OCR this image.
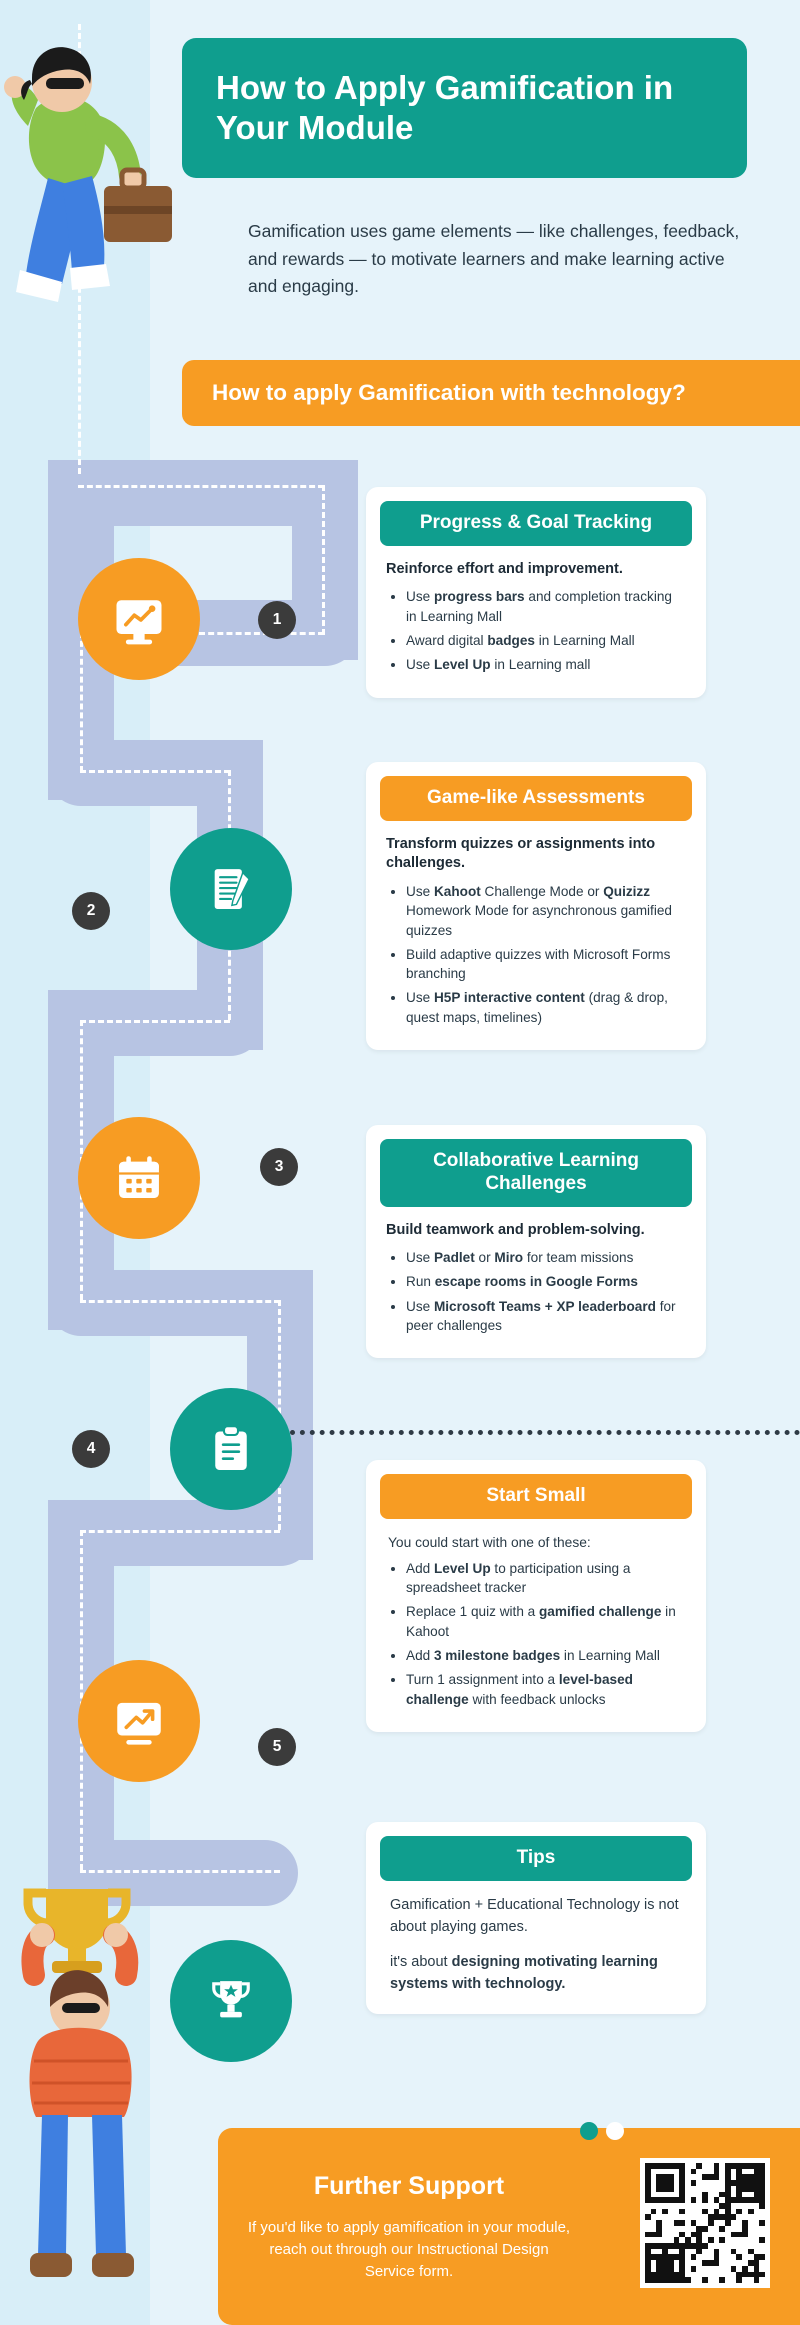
How to Apply Gamification in Your Module
Gamification uses game elements — like challenges, feedback, and rewards — to motivate learners and make learning active and engaging.
How to apply Gamification with technology?
1
Progress & Goal Tracking
Reinforce effort and improvement.
• Use progress bars and completion tracking in Learning Mall
• Award digital badges in Learning Mall
• Use Level Up in Learning mall
2
Game-like Assessments
Transform quizzes or assignments into challenges.
• Use Kahoot Challenge Mode or Quizizz Homework Mode for asynchronous gamified quizzes
• Build adaptive quizzes with Microsoft Forms branching
• Use H5P interactive content (drag & drop, quest maps, timelines)
3	Collaborative Learning Challenges
Build teamwork and problem-solving.
• Use Padlet or Miro for team missions
• Run escape rooms in Google Forms
• Use Microsoft Teams + XP leaderboard for peer challenges
4
Start Small
You could start with one of these:
• Add Level Up to participation using a spreadsheet tracker
• Replace 1 quiz with a gamified challenge in Kahoot
• Add 3 milestone badges in Learning Mall
• Turn 1 assignment into a level-based challenge with feedback unlocks
5
Tips

Gamification + Educational Technology is not about playing games.

it's about designing motivating learning systems with technology.

Further Support

If you'd like to apply gamification in your module, reach out through our Instructional Design Service form.
